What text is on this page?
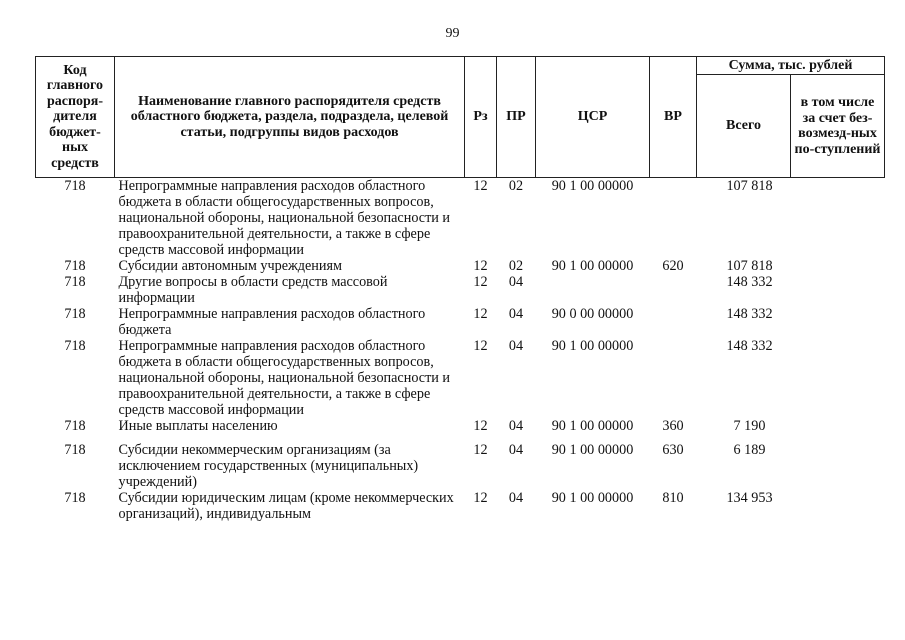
99
Код главного распоря-дителя бюджет-ных средств	Наименование главного распорядителя средств областного бюджета, раздела, подраздела, целевой статьи, подгруппы видов расходов	Рз	ПР	ЦСР	ВР	Сумма, тыс. рублей	
						Всего	в том числе за счет без-возмезд-ных по-ступлений
718	Непрограммные направления расходов областного бюджета в области общегосударственных вопросов, национальной обороны, национальной безопасности и правоохранительной деятельности, а также в сфере средств массовой информации	12	02	90 1 00 00000		107 818	
718	Субсидии автономным учреждениям	12	02	90 1 00 00000	620	107 818	
718	Другие вопросы в области средств массовой информации	12	04			148 332	
718	Непрограммные направления расходов областного бюджета	12	04	90 0 00 00000		148 332	
718	Непрограммные направления расходов областного бюджета в области общегосударственных вопросов, национальной обороны, национальной безопасности и правоохранительной деятельности, а также в сфере средств массовой информации	12	04	90 1 00 00000		148 332	
718	Иные выплаты населению	12	04	90 1 00 00000	360	7 190	
718	Субсидии некоммерческим организациям (за исключением государственных (муниципальных) учреждений)	12	04	90 1 00 00000	630	6 189	
718	Субсидии юридическим лицам (кроме некоммерческих организаций), индивидуальным	12	04	90 1 00 00000	810	134 953	
